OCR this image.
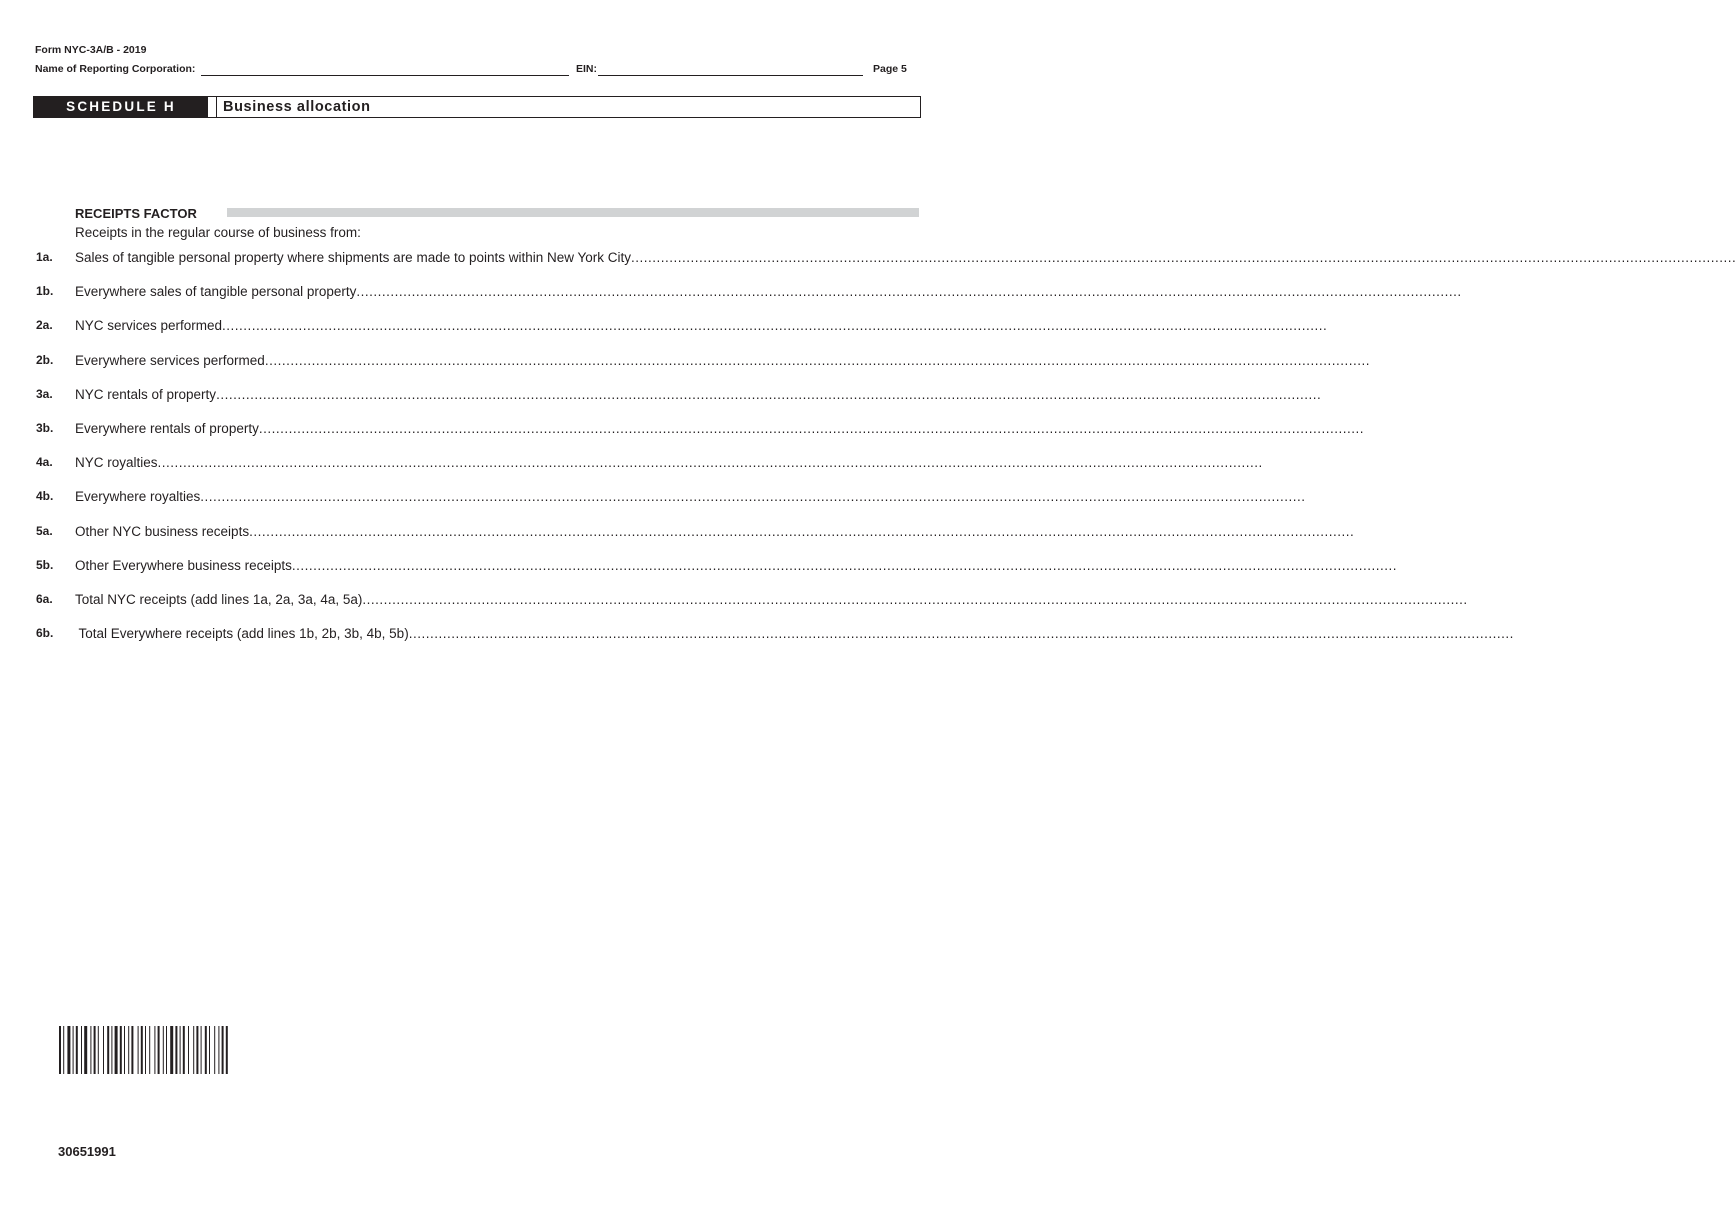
Form NYC-3A/B - 2019
Name of Reporting Corporation:	EIN:	Page 5
SCHEDULE H	Business allocation
RECEIPTS FACTOR
Receipts in the regular course of business from:
1a. Sales of tangible personal property where shipments are made to points within New York City....................................................................................................................................................................................................................................................................
1b. Everywhere sales of tangible personal property....................................................................................................................................................................................................................................................................
2a. NYC services performed....................................................................................................................................................................................................................................................................
2b. Everywhere services performed....................................................................................................................................................................................................................................................................
3a. NYC rentals of property....................................................................................................................................................................................................................................................................
3b. Everywhere rentals of property....................................................................................................................................................................................................................................................................
4a. NYC royalties....................................................................................................................................................................................................................................................................
4b. Everywhere royalties....................................................................................................................................................................................................................................................................
5a. Other NYC business receipts....................................................................................................................................................................................................................................................................
5b. Other Everywhere business receipts....................................................................................................................................................................................................................................................................
6a. Total NYC receipts (add lines 1a, 2a, 3a, 4a, 5a)....................................................................................................................................................................................................................................................................
6b. Total Everywhere receipts (add lines 1b, 2b, 3b, 4b, 5b)....................................................................................................................................................................................................................................................................
30651991
